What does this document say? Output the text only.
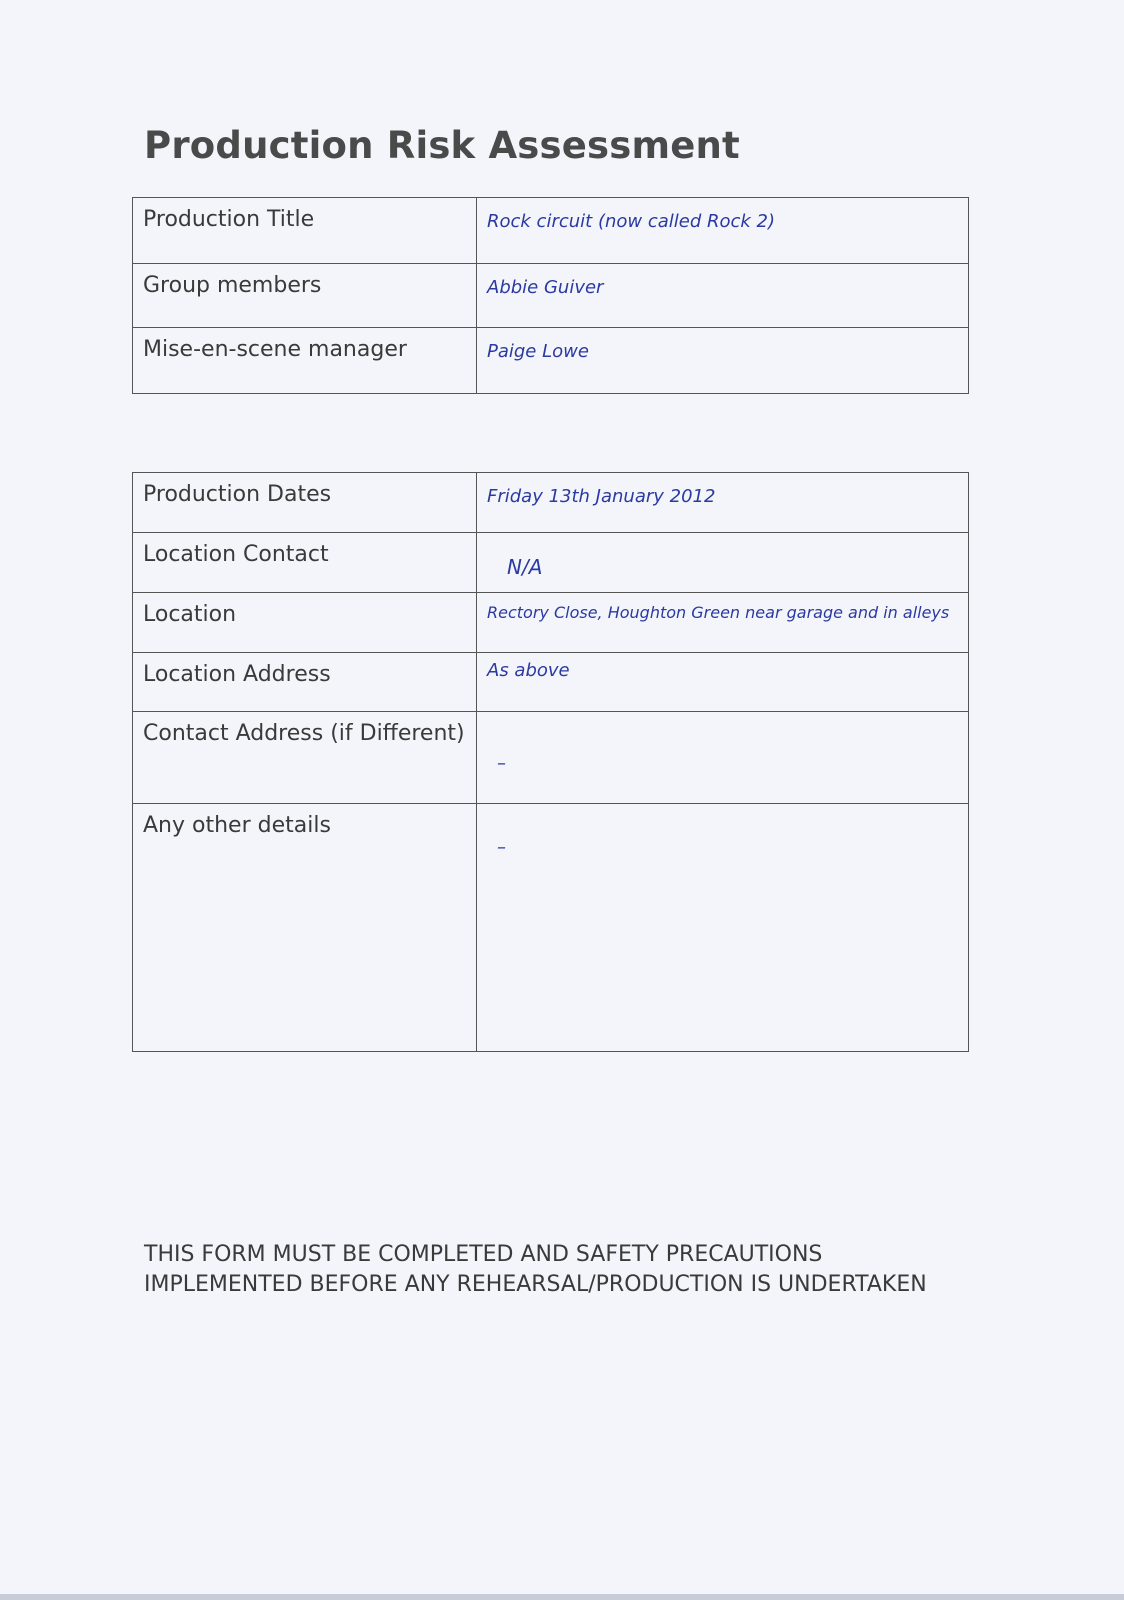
Production Risk Assessment
Production Title	Rock circuit (now called Rock 2)
Group members	Abbie Guiver
Mise-en-scene manager	Paige Lowe
Production Dates	Friday 13th January 2012
Location Contact	N/A
Location	Rectory Close, Houghton Green near garage and in alleys
Location Address	As above
Contact Address (if Different)	–
Any other details	–
THIS FORM MUST BE COMPLETED AND SAFETY PRECAUTIONS IMPLEMENTED BEFORE ANY REHEARSAL/PRODUCTION IS UNDERTAKEN
